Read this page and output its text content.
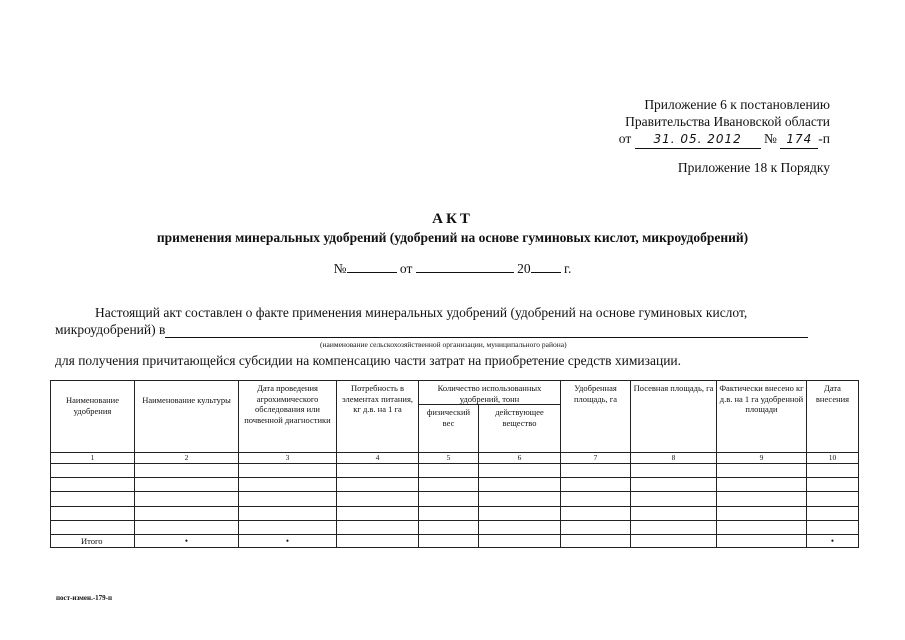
Приложение 6 к постановлению
Правительства Ивановской области
от 31. 05. 2012 № 174 -п
Приложение 18 к Порядку
АКТ
применения минеральных удобрений (удобрений на основе гуминовых кислот, микроудобрений)
№	от	20 г.
Настоящий акт составлен о факте применения минеральных удобрений (удобрений на основе гуминовых кислот,
микроудобрений) в
(наименование сельскохозяйственной организации, муниципального района)
для получения причитающейся субсидии на компенсацию части затрат на приобретение средств химизации.
Наименование удобрения	Наименование культуры	Дата проведения агрохимического обследования или почвенной диагностики	Потребность в элементах питания, кг д.в. на 1 га	Количество использованных удобрений, тонн		Удобренная площадь, га	Посевная площадь, га	Фактически внесено кг д.в. на 1 га удобренной площади	Дата внесения
				физический вес	действующее вещество				
1	2	3	4	5	6	7	8	9	10

Итого	•	•							•
пост-измен.-179-п
